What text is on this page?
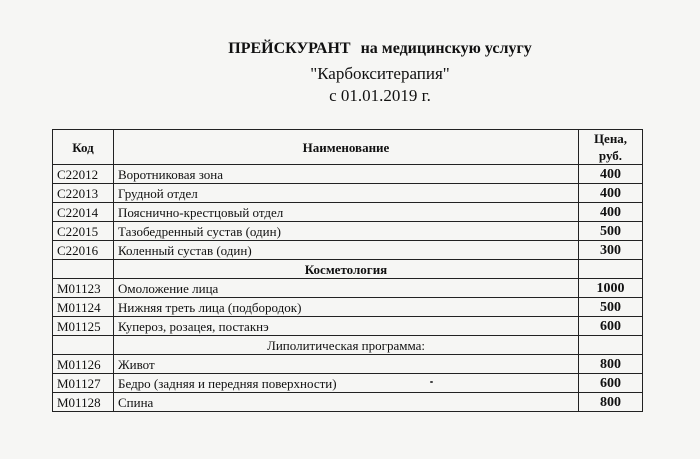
ПРЕЙСКУРАНТ на медицинскую услугу
"Карбокситерапия"
с 01.01.2019 г.
Код	Наименование	Цена,
руб.

С22012	Воротниковая зона	400
С22013	Грудной отдел	400
С22014	Пояснично-крестцовый отдел	400
С22015	Тазобедренный сустав (один)	500
С22016	Коленный сустав (один)	300
	Косметология	
М01123	Омоложение лица	1000
М01124	Нижняя треть лица (подбородок)	500
М01125	Купероз, розацея, постакнэ	600
	Липолитическая программа:	
М01126	Живот	800
М01127	Бедро (задняя и передняя поверхности)	600
М01128	Спина	800
